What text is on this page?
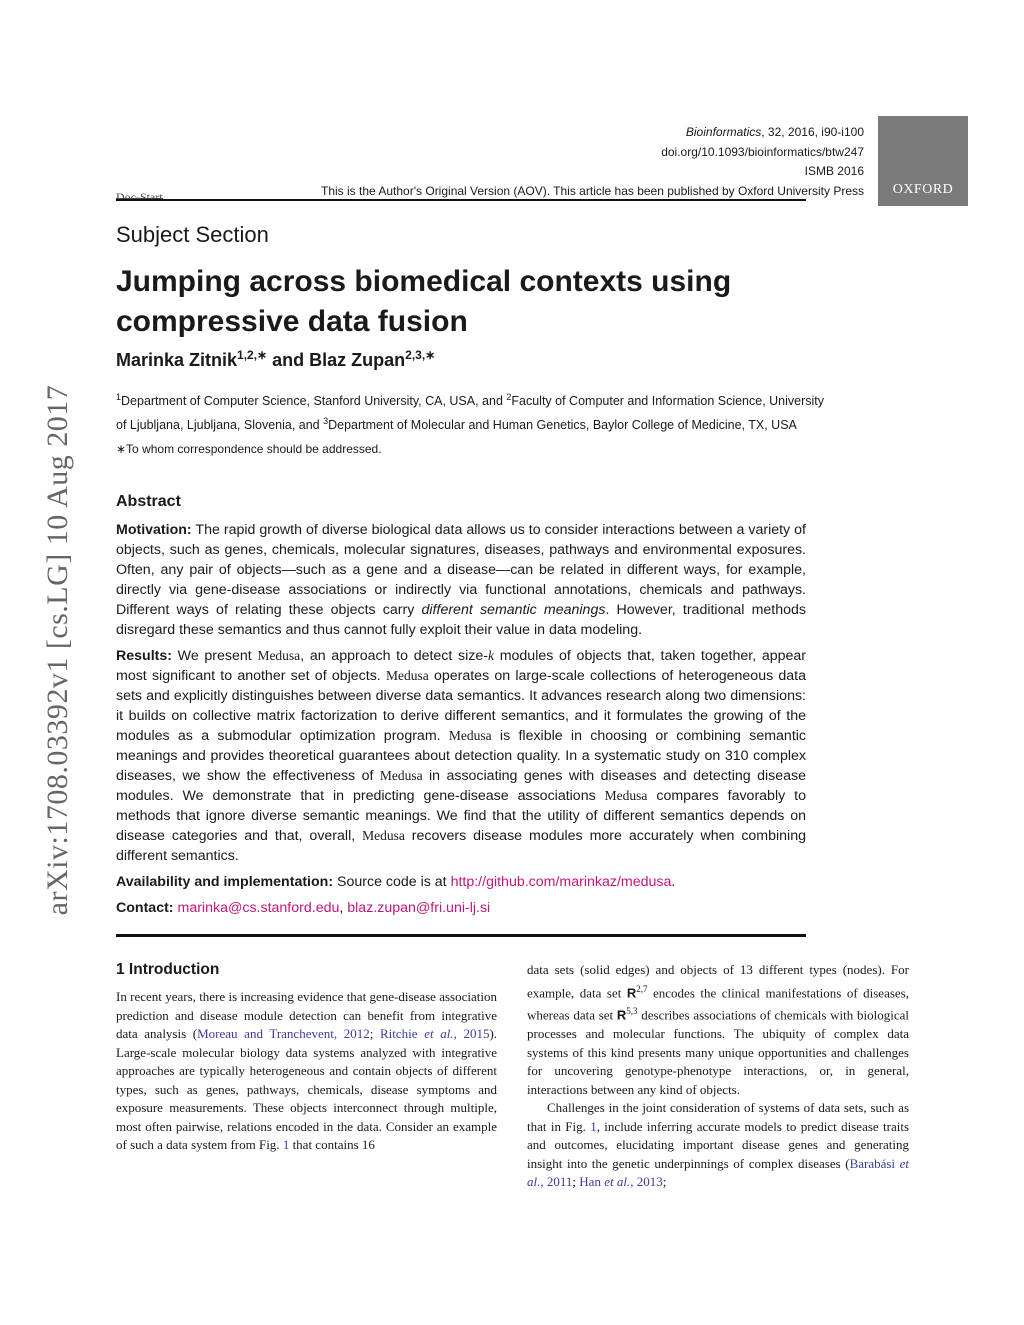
arXiv:1708.03392v1 [cs.LG] 10 Aug 2017
Bioinformatics, 32, 2016, i90-i100
doi.org/10.1093/bioinformatics/btw247
ISMB 2016
This is the Author's Original Version (AOV). This article has been published by Oxford University Press OXFORD
Subject Section
Jumping across biomedical contexts using compressive data fusion
Marinka Zitnik$^{1,2,∗}$ and Blaz Zupan$^{2,3,∗}$
$^1$Department of Computer Science, Stanford University, CA, USA, and $^2$Faculty of Computer and Information Science, University of Ljubljana, Ljubljana, Slovenia, and $^3$Department of Molecular and Human Genetics, Baylor College of Medicine, TX, USA
∗To whom correspondence should be addressed.
Abstract

Motivation: The rapid growth of diverse biological data allows us to consider interactions between a variety of objects, such as genes, chemicals, molecular signatures, diseases, pathways and environmental exposures. Often, any pair of objects—such as a gene and a disease—can be related in different ways, for example, directly via gene-disease associations or indirectly via functional annotations, chemicals and pathways. Different ways of relating these objects carry different semantic meanings. However, traditional methods disregard these semantics and thus cannot fully exploit their value in data modeling.

Results: We present Medusa, an approach to detect size-k modules of objects that, taken together, appear most significant to another set of objects. Medusa operates on large-scale collections of heterogeneous data sets and explicitly distinguishes between diverse data semantics. It advances research along two dimensions: it builds on collective matrix factorization to derive different semantics, and it formulates the growing of the modules as a submodular optimization program. Medusa is flexible in choosing or combining semantic meanings and provides theoretical guarantees about detection quality. In a systematic study on 310 complex diseases, we show the effectiveness of Medusa in associating genes with diseases and detecting disease modules. We demonstrate that in predicting gene-disease associations Medusa compares favorably to methods that ignore diverse semantic meanings. We find that the utility of different semantics depends on disease categories and that, overall, Medusa recovers disease modules more accurately when combining different semantics.

Availability and implementation: Source code is at http://github.com/marinkaz/medusa.

Contact: marinka@cs.stanford.edu, blaz.zupan@fri.uni-lj.si

1 Introduction

In recent years, there is increasing evidence that gene-disease association prediction and disease module detection can benefit from integrative data analysis (Moreau and Tranchevent, 2012; Ritchie et al., 2015). Large-scale molecular biology data systems analyzed with integrative approaches are typically heterogeneous and contain objects of different types, such as genes, pathways, chemicals, disease symptoms and exposure measurements. These objects interconnect through multiple, most often pairwise, relations encoded in the data. Consider an example of such a data system from Fig. 1 that contains 16

data sets (solid edges) and objects of 13 different types (nodes). For example, data set R$^{2,7}$ encodes the clinical manifestations of diseases, whereas data set R$^{5,3}$ describes associations of chemicals with biological processes and molecular functions. The ubiquity of complex data systems of this kind presents many unique opportunities and challenges for uncovering genotype-phenotype interactions, or, in general, interactions between any kind of objects.

Challenges in the joint consideration of systems of data sets, such as that in Fig. 1, include inferring accurate models to predict disease traits and outcomes, elucidating important disease genes and generating insight into the genetic underpinnings of complex diseases (Barabási et al., 2011; Han et al., 2013;
